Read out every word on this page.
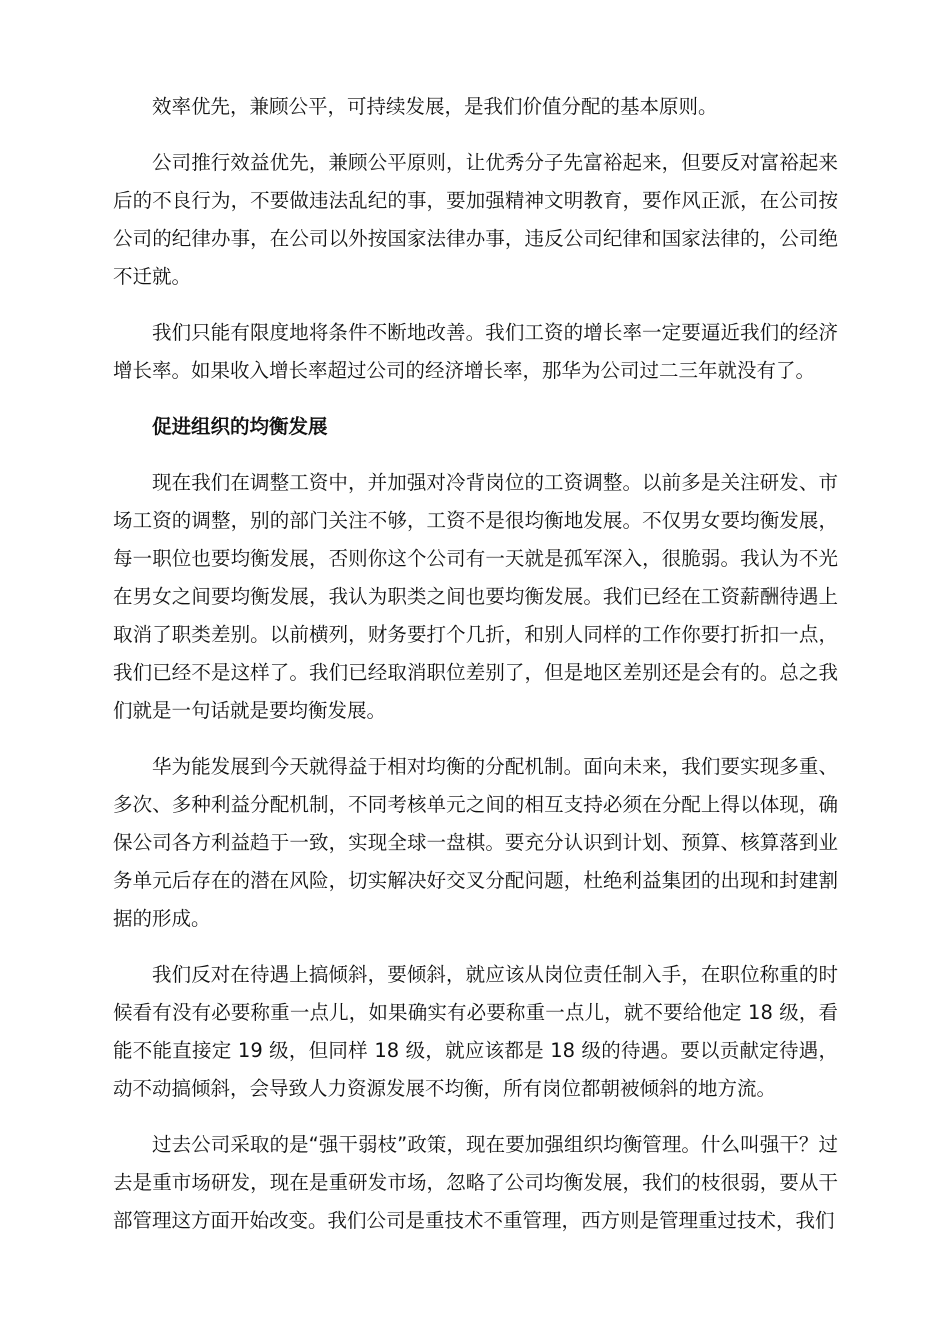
效率优先，兼顾公平，可持续发展，是我们价值分配的基本原则。

公司推行效益优先，兼顾公平原则，让优秀分子先富裕起来，但要反对富裕起来后的不良行为，不要做违法乱纪的事，要加强精神文明教育，要作风正派，在公司按公司的纪律办事，在公司以外按国家法律办事，违反公司纪律和国家法律的，公司绝不迁就。

我们只能有限度地将条件不断地改善。我们工资的增长率一定要逼近我们的经济增长率。如果收入增长率超过公司的经济增长率，那华为公司过二三年就没有了。

促进组织的均衡发展

现在我们在调整工资中，并加强对冷背岗位的工资调整。以前多是关注研发、市场工资的调整，别的部门关注不够，工资不是很均衡地发展。不仅男女要均衡发展，每一职位也要均衡发展，否则你这个公司有一天就是孤军深入，很脆弱。我认为不光在男女之间要均衡发展，我认为职类之间也要均衡发展。我们已经在工资薪酬待遇上取消了职类差别。以前横列，财务要打个几折，和别人同样的工作你要打折扣一点，我们已经不是这样了。我们已经取消职位差别了，但是地区差别还是会有的。总之我们就是一句话就是要均衡发展。

华为能发展到今天就得益于相对均衡的分配机制。面向未来，我们要实现多重、多次、多种利益分配机制，不同考核单元之间的相互支持必须在分配上得以体现，确保公司各方利益趋于一致，实现全球一盘棋。要充分认识到计划、预算、核算落到业务单元后存在的潜在风险，切实解决好交叉分配问题，杜绝利益集团的出现和封建割据的形成。

我们反对在待遇上搞倾斜，要倾斜，就应该从岗位责任制入手，在职位称重的时候看有没有必要称重一点儿，如果确实有必要称重一点儿，就不要给他定 18 级，看能不能直接定 19 级，但同样 18 级，就应该都是 18 级的待遇。要以贡献定待遇，动不动搞倾斜，会导致人力资源发展不均衡，所有岗位都朝被倾斜的地方流。

过去公司采取的是“强干弱枝”政策，现在要加强组织均衡管理。什么叫强干？过去是重市场研发，现在是重研发市场，忽略了公司均衡发展，我们的枝很弱，要从干部管理这方面开始改变。我们公司是重技术不重管理，西方则是管理重过技术，我们
